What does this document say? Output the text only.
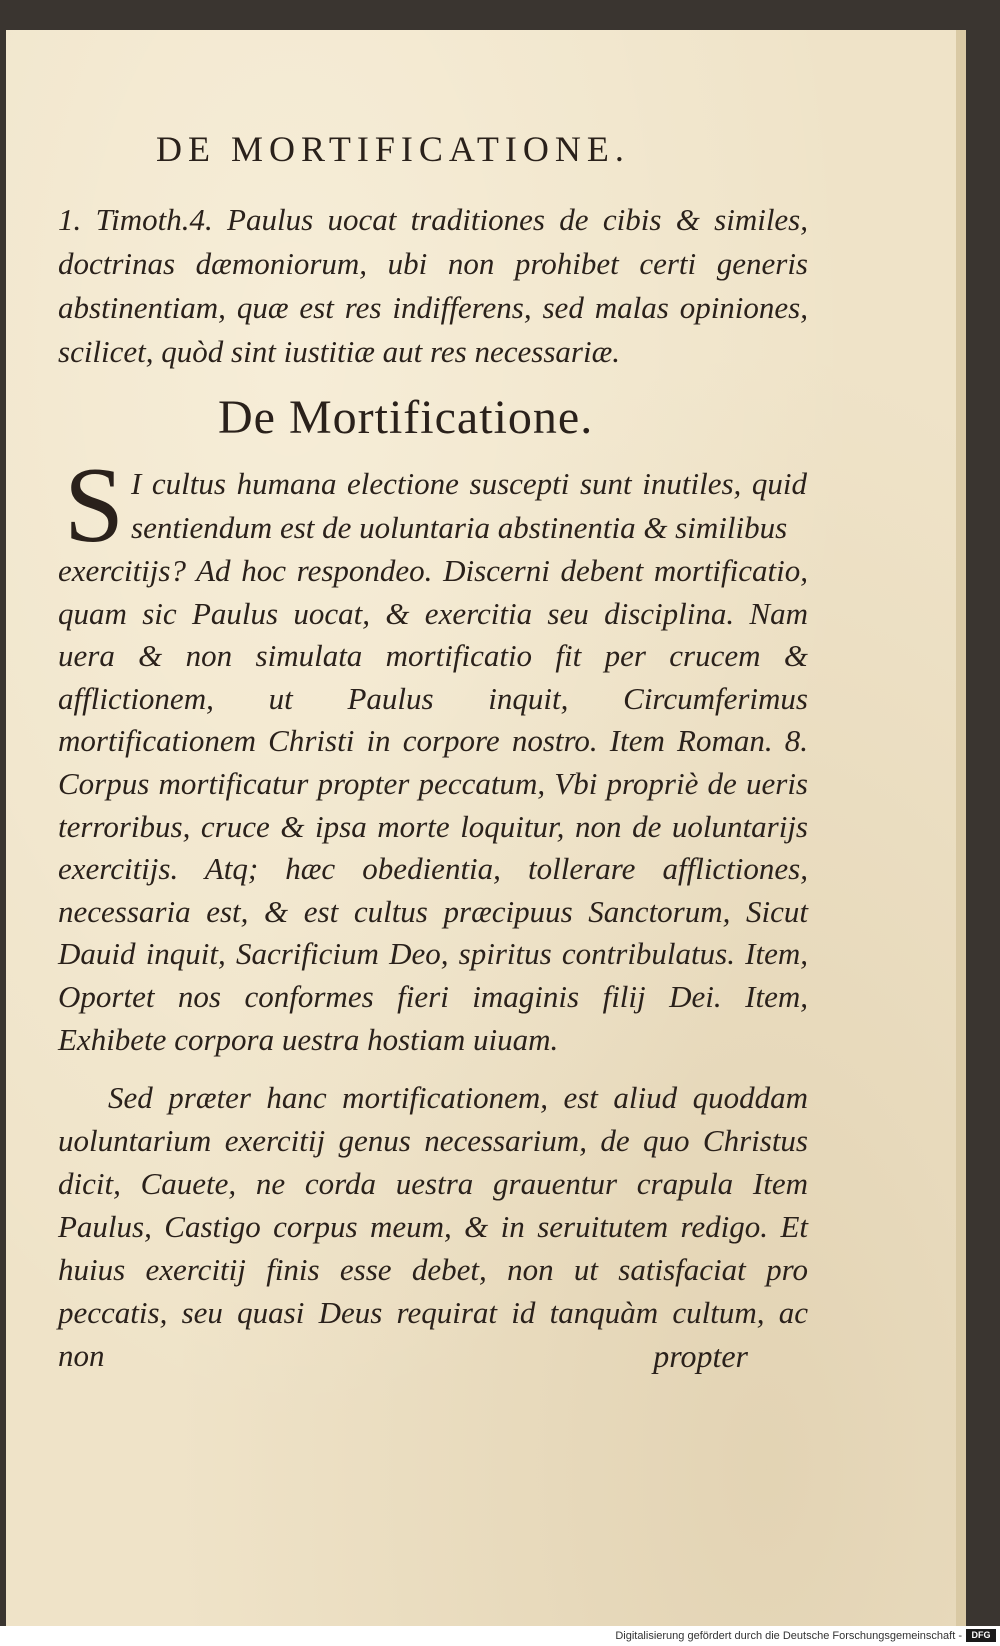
DE MORTIFICATIONE.
1. Timoth.4. Paulus uocat traditiones de cibis & similes, doctrinas dæmoniorum, ubi non prohibet certi generis abstinentiam, quæ est res indifferens, sed malas opiniones, scilicet, quòd sint iustitiæ aut res necessariæ.
De Mortificatione.
S I cultus humana electione suscepti sunt inutiles, quid sentiendum est de uoluntaria abstinentia & similibus
exercitijs? Ad hoc respondeo. Discerni debent mortificatio, quam sic Paulus uocat, & exercitia seu disciplina. Nam uera & non simulata mortificatio fit per crucem & afflictionem, ut Paulus inquit, Circumferimus mortificationem Christi in corpore nostro. Item Roman. 8. Corpus mortificatur propter peccatum, Vbi propriè de ueris terroribus, cruce & ipsa morte loquitur, non de uoluntarijs exercitijs. Atq; hæc obedientia, tollerare afflictiones, necessaria est, & est cultus præcipuus Sanctorum, Sicut Dauid inquit, Sacrificium Deo, spiritus contribulatus. Item, Oportet nos conformes fieri imaginis filij Dei. Item, Exhibete corpora uestra hostiam uiuam.
Sed præter hanc mortificationem, est aliud quoddam uoluntarium exercitij genus necessarium, de quo Christus dicit, Cauete, ne corda uestra grauentur crapula Item Paulus, Castigo corpus meum, & in seruitutem redigo. Et huius exercitij finis esse debet, non ut satisfaciat pro peccatis, seu quasi Deus requirat id tanquàm cultum, ac non	propter
Digitalisierung gefördert durch die Deutsche Forschungsgemeinschaft -	DFG
